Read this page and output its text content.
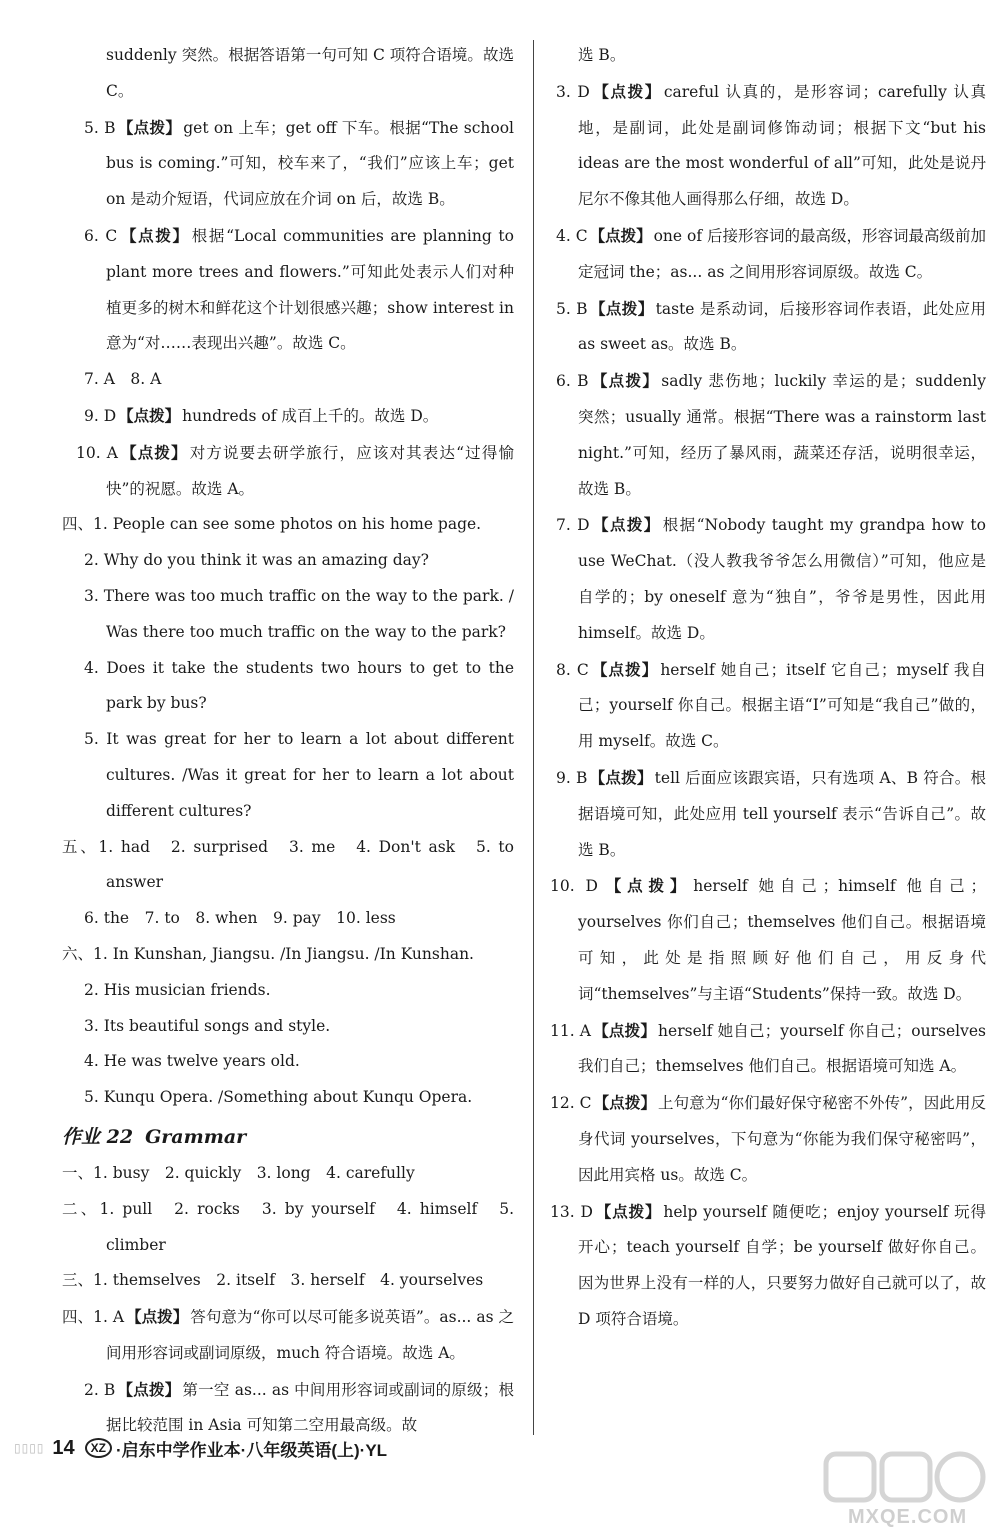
suddenly 突然。根据答语第一句可知 C 项符合语境。故选 C。
5. B 【点拨】 get on 上车；get off 下车。根据“The school bus is coming.”可知，校车来了，“我们”应该上车；get on 是动介短语，代词应放在介词 on 后，故选 B。
6. C 【点拨】 根据“Local communities are planning to plant more trees and flowers.”可知此处表示人们对种植更多的树木和鲜花这个计划很感兴趣；show interest in 意为“对……表现出兴趣”。故选 C。
7. A　8. A
9. D 【点拨】 hundreds of 成百上千的。故选 D。
10. A 【点拨】 对方说要去研学旅行，应该对其表达“过得愉快”的祝愿。故选 A。
四、1. People can see some photos on his home page.
2. Why do you think it was an amazing day?
3. There was too much traffic on the way to the park. / Was there too much traffic on the way to the park?
4. Does it take the students two hours to get to the park by bus?
5. It was great for her to learn a lot about different cultures. /Was it great for her to learn a lot about different cultures?
五、1. had　2. surprised　3. me　4. Don't ask　5. to answer
6. the　7. to　8. when　9. pay　10. less
六、1. In Kunshan, Jiangsu. /In Jiangsu. /In Kunshan.
2. His musician friends.
3. Its beautiful songs and style.
4. He was twelve years old.
5. Kunqu Opera. /Something about Kunqu Opera.
作业 22 Grammar
一、1. busy　2. quickly　3. long　4. carefully
二、1. pull　2. rocks　3. by yourself　4. himself　5. climber
三、1. themselves　2. itself　3. herself　4. yourselves
四、1. A 【点拨】 答句意为“你可以尽可能多说英语”。as... as 之间用形容词或副词原级，much 符合语境。故选 A。
2. B 【点拨】 第一空 as... as 中间用形容词或副词的原级；根据比较范围 in Asia 可知第二空用最高级。故
选 B。
3. D 【点拨】 careful 认真的，是形容词；carefully 认真地，是副词，此处是副词修饰动词；根据下文“but his ideas are the most wonderful of all”可知，此处是说丹尼尔不像其他人画得那么仔细，故选 D。
4. C 【点拨】 one of 后接形容词的最高级，形容词最高级前加定冠词 the；as... as 之间用形容词原级。故选 C。
5. B 【点拨】 taste 是系动词，后接形容词作表语，此处应用 as sweet as。故选 B。
6. B 【点拨】 sadly 悲伤地；luckily 幸运的是；suddenly 突然；usually 通常。根据“There was a rainstorm last night.”可知，经历了暴风雨，蔬菜还存活，说明很幸运，故选 B。
7. D 【点拨】 根据“Nobody taught my grandpa how to use WeChat.（没人教我爷爷怎么用微信）”可知，他应是自学的；by oneself 意为“独自”，爷爷是男性，因此用 himself。故选 D。
8. C 【点拨】 herself 她自己；itself 它自己；myself 我自己；yourself 你自己。根据主语“I”可知是“我自己”做的，用 myself。故选 C。
9. B 【点拨】 tell 后面应该跟宾语，只有选项 A、B 符合。根据语境可知，此处应用 tell yourself 表示“告诉自己”。故选 B。
10. D 【点拨】 herself 她自己；himself 他自己；yourselves 你们自己；themselves 他们自己。根据语境可知，此处是指照顾好他们自己，用反身代词“themselves”与主语“Students”保持一致。故选 D。
11. A 【点拨】 herself 她自己；yourself 你自己；ourselves 我们自己；themselves 他们自己。根据语境可知选 A。
12. C 【点拨】 上句意为“你们最好保守秘密不外传”，因此用反身代词 yourselves，下句意为“你能为我们保守秘密吗”，因此用宾格 us。故选 C。
13. D 【点拨】 help yourself 随便吃；enjoy yourself 玩得开心；teach yourself 自学；be yourself 做好你自己。因为世界上没有一样的人，只要努力做好自己就可以了，故 D 项符合语境。
▯▯▯▯ 14	XZ ·启东中学作业本·八年级英语(上)·YL
MXQE.COM
